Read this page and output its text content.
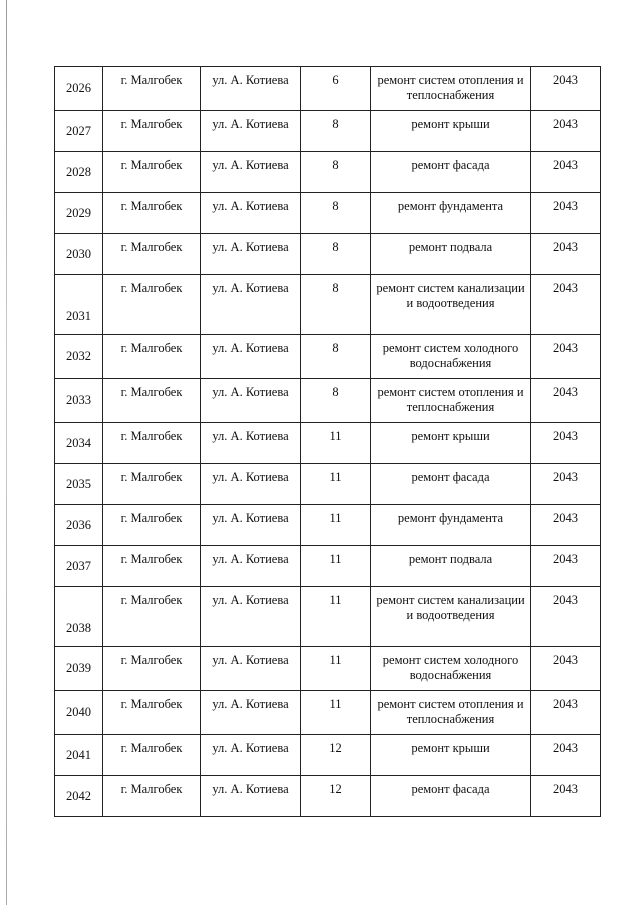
2026	г. Малгобек	ул. А. Котиева	6	ремонт систем отопления и теплоснабжения	2043
2027	г. Малгобек	ул. А. Котиева	8	ремонт крыши	2043
2028	г. Малгобек	ул. А. Котиева	8	ремонт фасада	2043
2029	г. Малгобек	ул. А. Котиева	8	ремонт фундамента	2043
2030	г. Малгобек	ул. А. Котиева	8	ремонт подвала	2043
2031	г. Малгобек	ул. А. Котиева	8	ремонт систем канализации и водоотведения	2043
2032	г. Малгобек	ул. А. Котиева	8	ремонт систем холодного водоснабжения	2043
2033	г. Малгобек	ул. А. Котиева	8	ремонт систем отопления и теплоснабжения	2043
2034	г. Малгобек	ул. А. Котиева	11	ремонт крыши	2043
2035	г. Малгобек	ул. А. Котиева	11	ремонт фасада	2043
2036	г. Малгобек	ул. А. Котиева	11	ремонт фундамента	2043
2037	г. Малгобек	ул. А. Котиева	11	ремонт подвала	2043
2038	г. Малгобек	ул. А. Котиева	11	ремонт систем канализации и водоотведения	2043
2039	г. Малгобек	ул. А. Котиева	11	ремонт систем холодного водоснабжения	2043
2040	г. Малгобек	ул. А. Котиева	11	ремонт систем отопления и теплоснабжения	2043
2041	г. Малгобек	ул. А. Котиева	12	ремонт крыши	2043
2042	г. Малгобек	ул. А. Котиева	12	ремонт фасада	2043
